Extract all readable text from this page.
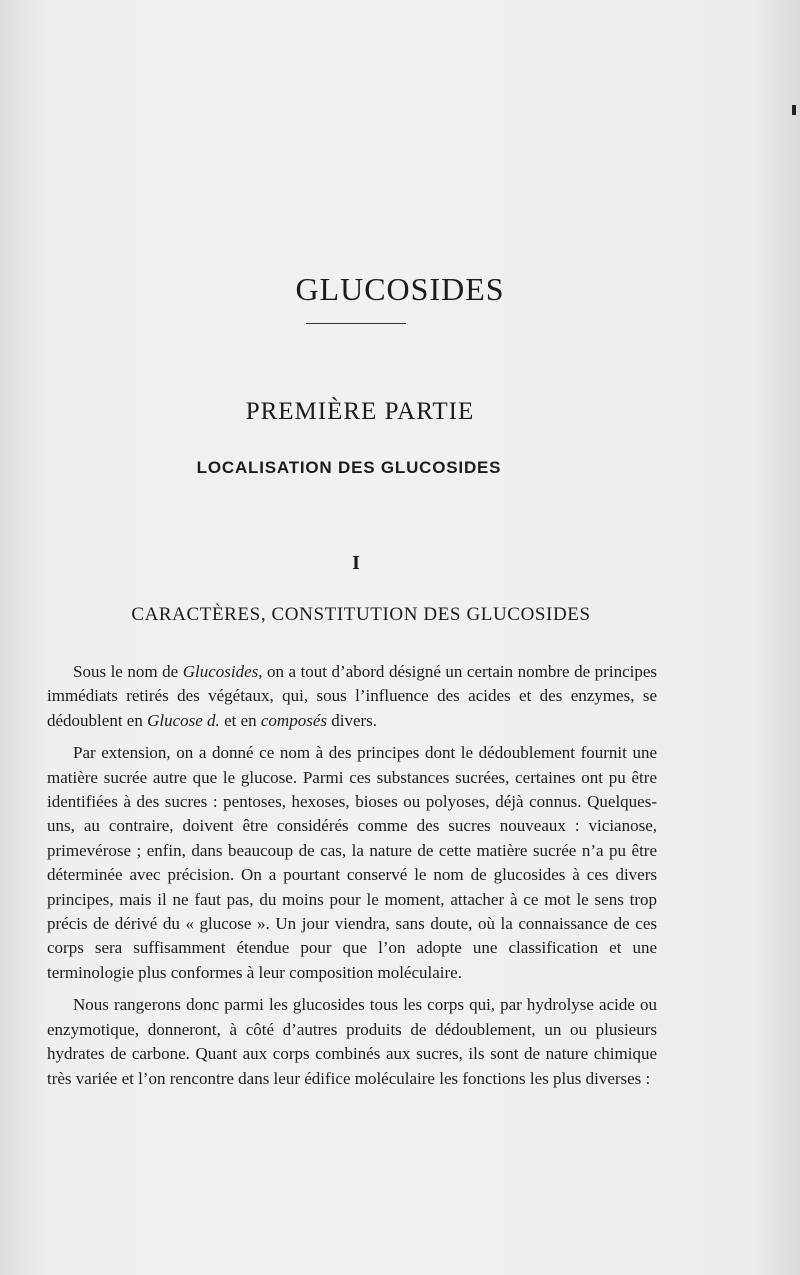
GLUCOSIDES
PREMIÈRE PARTIE
LOCALISATION DES GLUCOSIDES
I
CARACTÈRES, CONSTITUTION DES GLUCOSIDES

Sous le nom de Glucosides, on a tout d’abord désigné un certain nombre de principes immédiats retirés des végétaux, qui, sous l’influence des acides et des enzymes, se dédoublent en Glucose d. et en composés divers.

Par extension, on a donné ce nom à des principes dont le dédoublement fournit une matière sucrée autre que le glucose. Parmi ces substances sucrées, certaines ont pu être identifiées à des sucres : pentoses, hexoses, bioses ou polyoses, déjà connus. Quelques-uns, au contraire, doivent être considérés comme des sucres nouveaux : vicianose, primevérose ; enfin, dans beaucoup de cas, la nature de cette matière sucrée n’a pu être déterminée avec précision. On a pourtant conservé le nom de glucosides à ces divers principes, mais il ne faut pas, du moins pour le moment, attacher à ce mot le sens trop précis de dérivé du « glucose ». Un jour viendra, sans doute, où la connaissance de ces corps sera suffisamment étendue pour que l’on adopte une classification et une terminologie plus conformes à leur composition moléculaire.

Nous rangerons donc parmi les glucosides tous les corps qui, par hydrolyse acide ou enzymotique, donneront, à côté d’autres produits de dédoublement, un ou plusieurs hydrates de carbone. Quant aux corps combinés aux sucres, ils sont de nature chimique très variée et l’on rencontre dans leur édifice moléculaire les fonctions les plus diverses :
